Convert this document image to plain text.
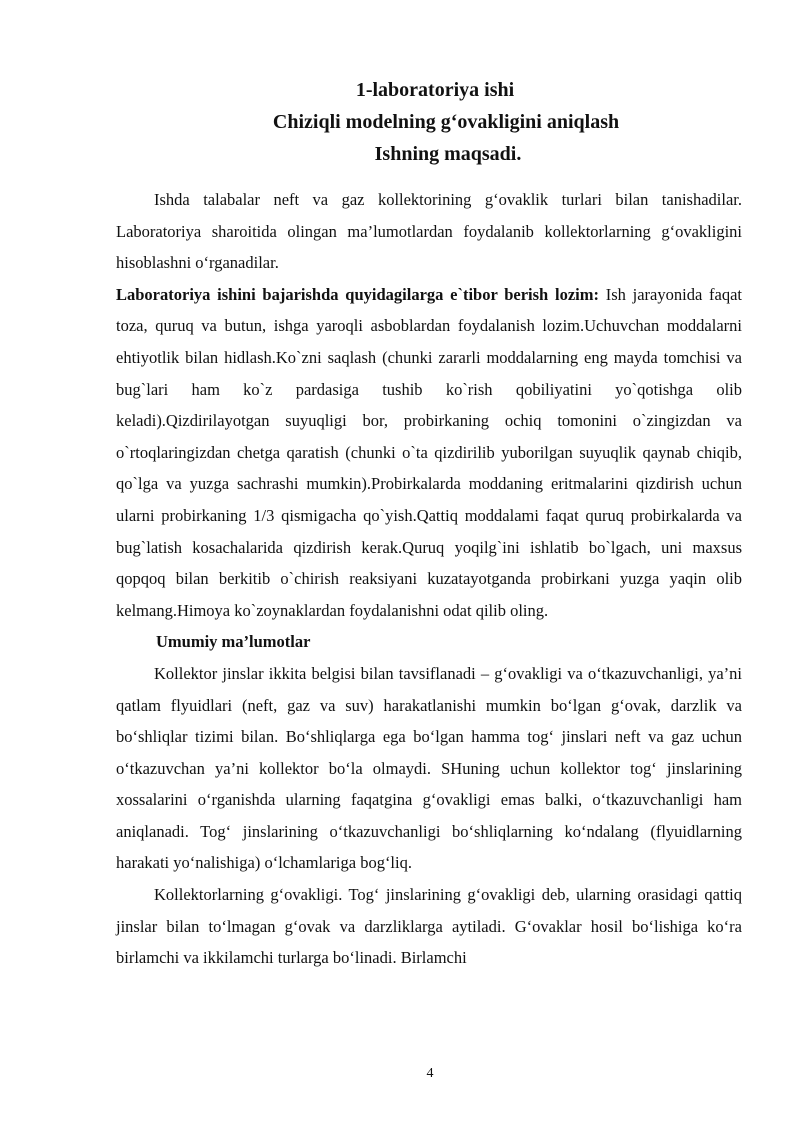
1-laboratoriya ishi
Chiziqli modelning g‘ovakligini aniqlash
Ishning maqsadi.

Ishda talabalar neft va gaz kollektorining g‘ovaklik turlari bilan tanishadilar. Laboratoriya sharoitida olingan ma’lumotlardan foydalanib kollektorlarning g‘ovakligini hisoblashni o‘rganadilar.

Laboratoriya ishini bajarishda quyidagilarga e`tibor berish lozim: Ish jarayonida faqat toza, quruq va butun, ishga yaroqli asboblardan foydalanish lozim.Uchuvchan moddalarni ehtiyotlik bilan hidlash.Ko`zni saqlash (chunki zararli moddalarning eng mayda tomchisi va bug`lari ham ko`z pardasiga tushib ko`rish qobiliyatini yo`qotishga olib keladi).Qizdirilayotgan suyuqligi bor, probirkaning ochiq tomonini o`zingizdan va o`rtoqlaringizdan chetga qaratish (chunki o`ta qizdirilib yuborilgan suyuqlik qaynab chiqib, qo`lga va yuzga sachrashi mumkin).Probirkalarda moddaning eritmalarini qizdirish uchun ularni probirkaning 1/3 qismigacha qo`yish.Qattiq moddalami faqat quruq probirkalarda va bug`latish kosachalarida qizdirish kerak.Quruq yoqilg`ini ishlatib bo`lgach, uni maxsus qopqoq bilan berkitib o`chirish reaksiyani kuzatayotganda probirkani yuzga yaqin olib kelmang.Himoya ko`zoynaklardan foydalanishni odat qilib oling.

Umumiy ma’lumotlar

Kollektor jinslar ikkita belgisi bilan tavsiflanadi – g‘ovakligi va o‘tkazuvchanligi, ya’ni qatlam flyuidlari (neft, gaz va suv) harakatlanishi mumkin bo‘lgan g‘ovak, darzlik va bo‘shliqlar tizimi bilan. Bo‘shliqlarga ega bo‘lgan hamma tog‘ jinslari neft va gaz uchun o‘tkazuvchan ya’ni kollektor bo‘la olmaydi. SHuning uchun kollektor tog‘ jinslarining xossalarini o‘rganishda ularning faqatgina g‘ovakligi emas balki, o‘tkazuvchanligi ham aniqlanadi. Tog‘ jinslarining o‘tkazuvchanligi bo‘shliqlarning ko‘ndalang (flyuidlarning harakati yo‘nalishiga) o‘lchamlariga bog‘liq.

Kollektorlarning g‘ovakligi. Tog‘ jinslarining g‘ovakligi deb, ularning orasidagi qattiq jinslar bilan to‘lmagan g‘ovak va darzliklarga aytiladi. G‘ovaklar hosil bo‘lishiga ko‘ra birlamchi va ikkilamchi turlarga bo‘linadi. Birlamchi

4
